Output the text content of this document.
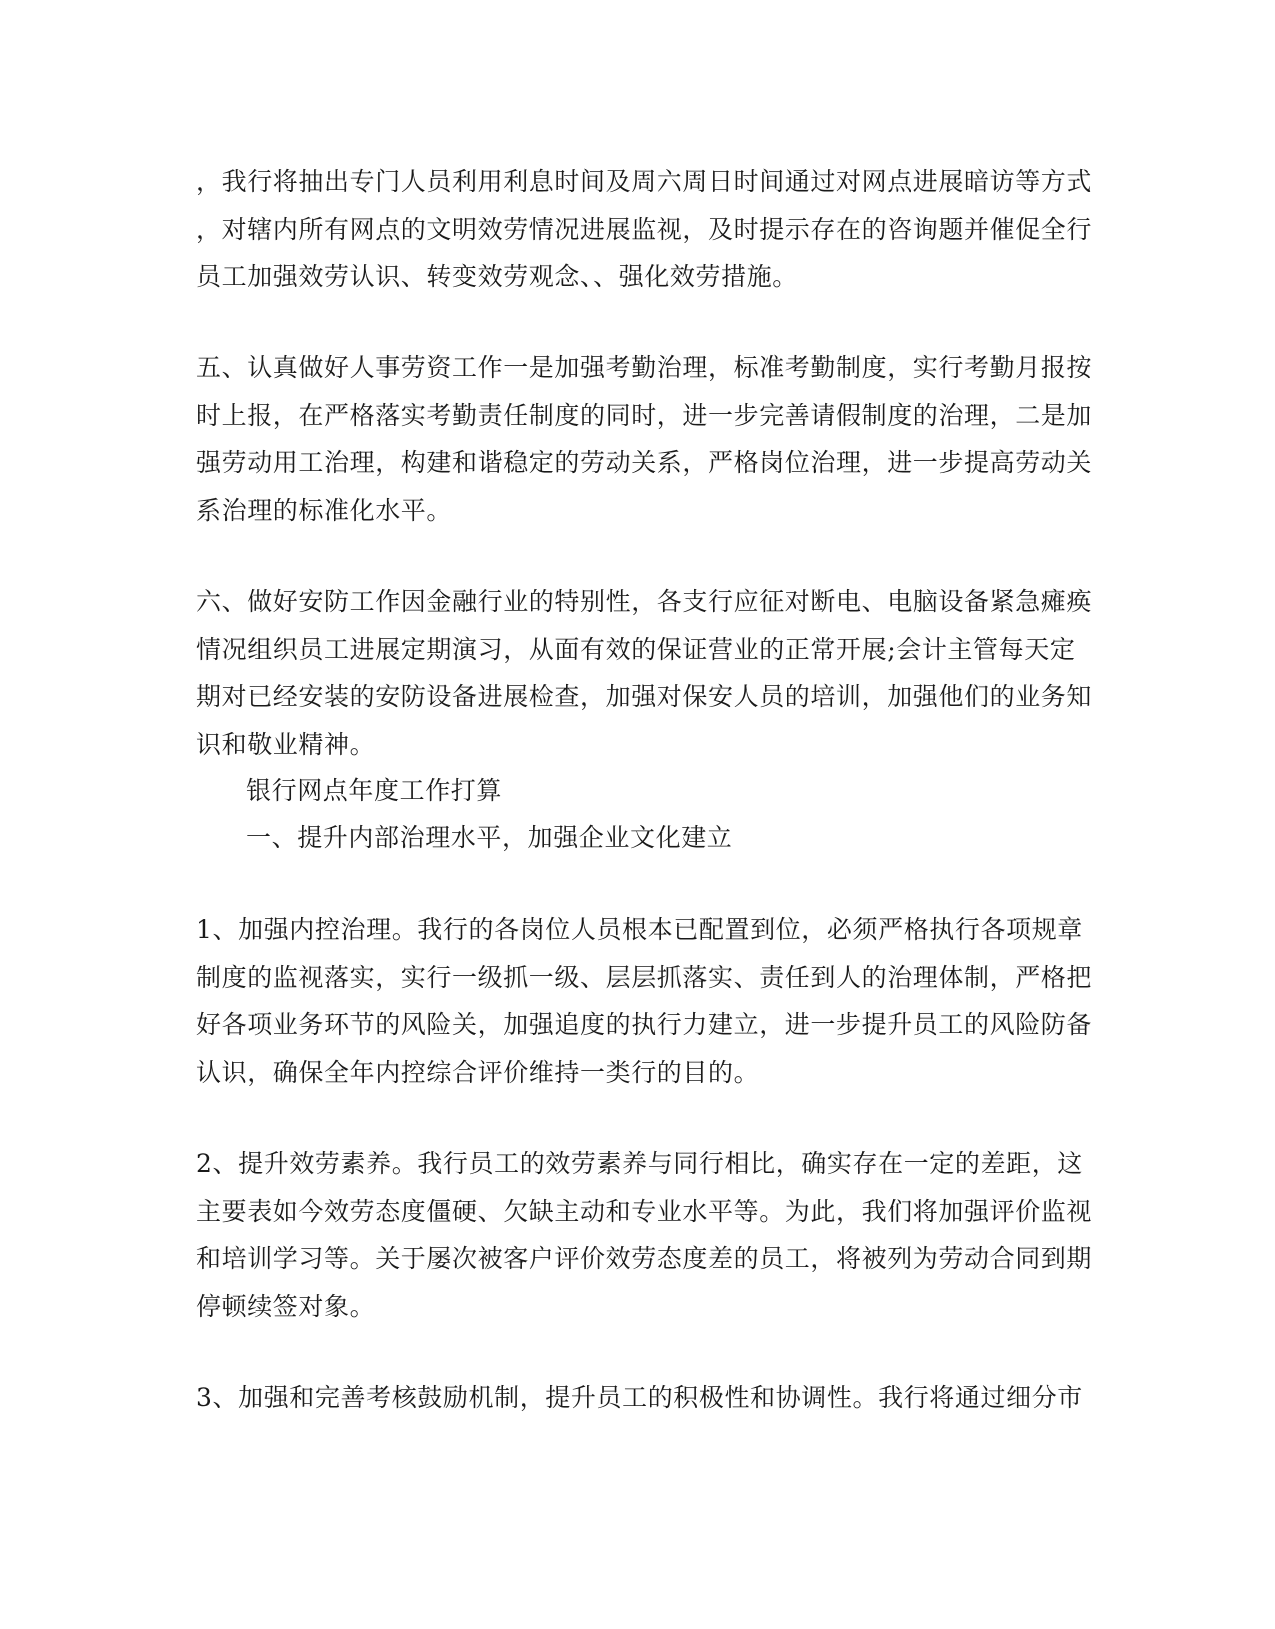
，我行将抽出专门人员利用利息时间及周六周日时间通过对网点进展暗访等方式
，对辖内所有网点的文明效劳情况进展监视，及时提示存在的咨询题并催促全行
员工加强效劳认识、转变效劳观念、、强化效劳措施。

五、认真做好人事劳资工作一是加强考勤治理，标准考勤制度，实行考勤月报按
时上报，在严格落实考勤责任制度的同时，进一步完善请假制度的治理，二是加
强劳动用工治理，构建和谐稳定的劳动关系，严格岗位治理，进一步提高劳动关
系治理的标准化水平。

六、做好安防工作因金融行业的特别性，各支行应征对断电、电脑设备紧急瘫痪
情况组织员工进展定期演习，从面有效的保证营业的正常开展;会计主管每天定
期对已经安装的安防设备进展检查，加强对保安人员的培训，加强他们的业务知
识和敬业精神。

银行网点年度工作打算
一、提升内部治理水平，加强企业文化建立

1、加强内控治理。我行的各岗位人员根本已配置到位，必须严格执行各项规章
制度的监视落实，实行一级抓一级、层层抓落实、责任到人的治理体制，严格把
好各项业务环节的风险关，加强追度的执行力建立，进一步提升员工的风险防备
认识，确保全年内控综合评价维持一类行的目的。

2、提升效劳素养。我行员工的效劳素养与同行相比，确实存在一定的差距，这
主要表如今效劳态度僵硬、欠缺主动和专业水平等。为此，我们将加强评价监视
和培训学习等。关于屡次被客户评价效劳态度差的员工，将被列为劳动合同到期
停顿续签对象。

3、加强和完善考核鼓励机制，提升员工的积极性和协调性。我行将通过细分市
